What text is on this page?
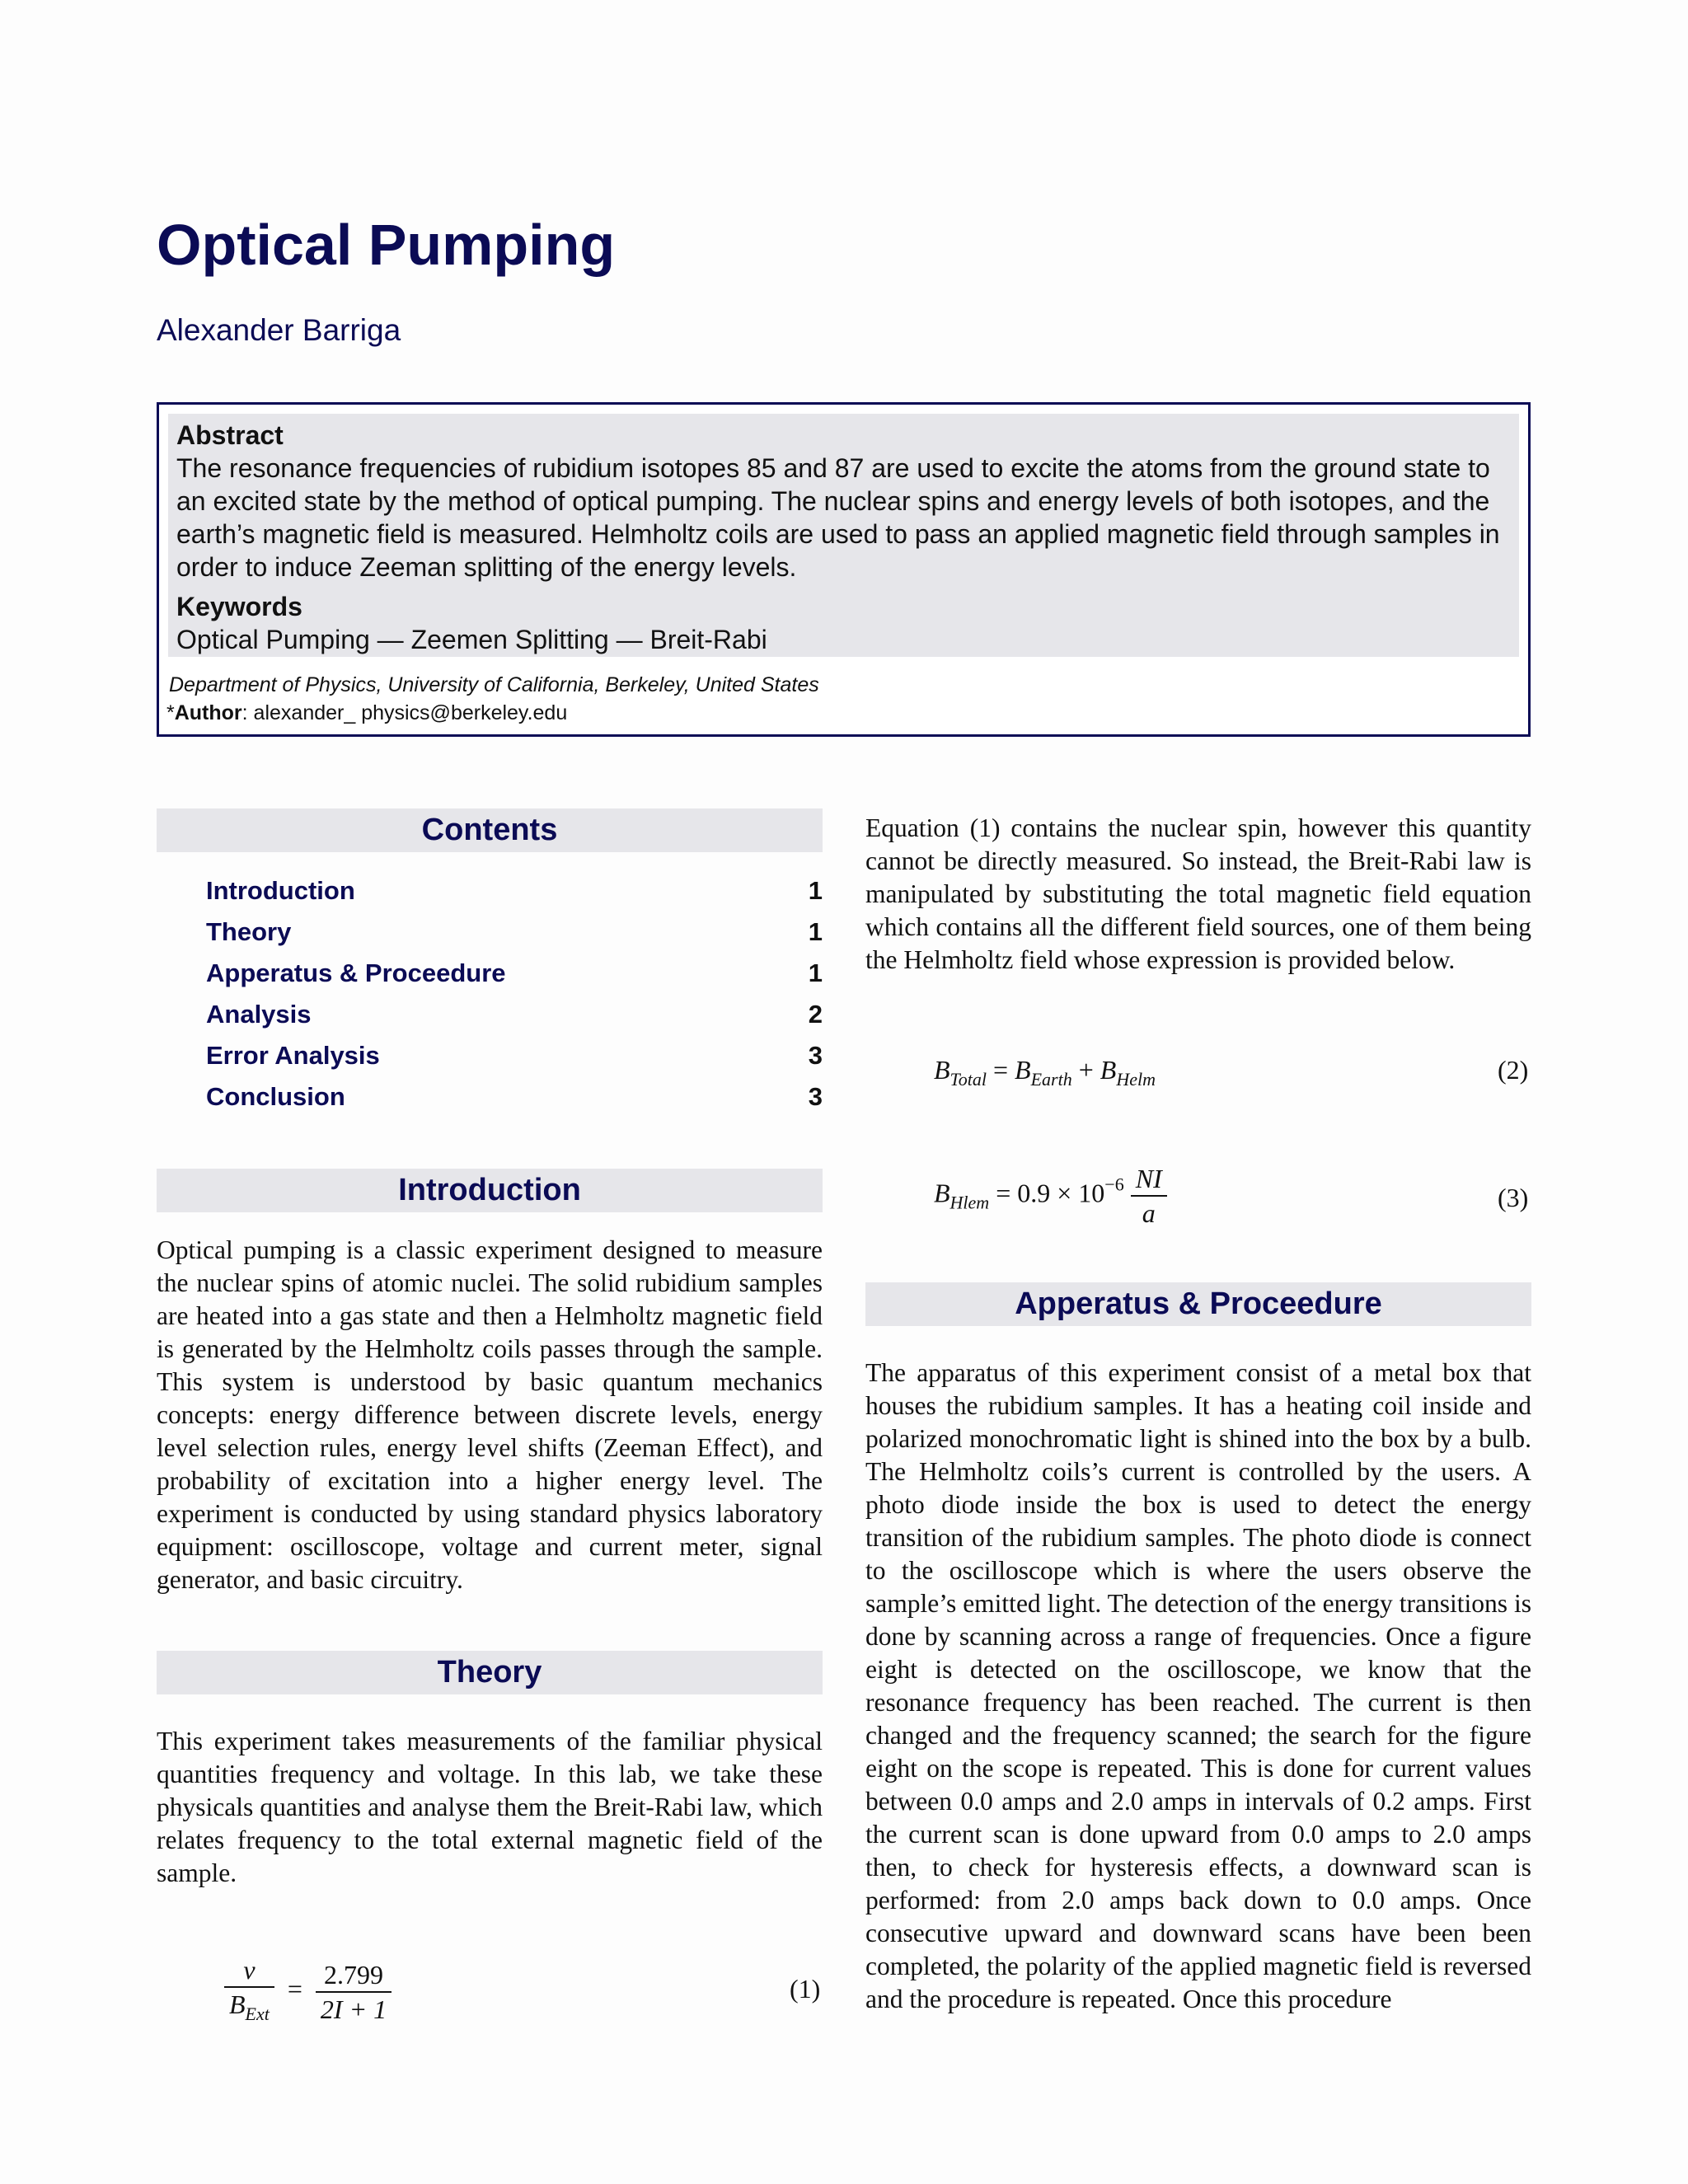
Optical Pumping
Alexander Barriga
Abstract
The resonance frequencies of rubidium isotopes 85 and 87 are used to excite the atoms from the ground state to an excited state by the method of optical pumping. The nuclear spins and energy levels of both isotopes, and the earth’s magnetic field is measured. Helmholtz coils are used to pass an applied magnetic field through samples in order to induce Zeeman splitting of the energy levels.
Keywords
Optical Pumping — Zeemen Splitting — Breit-Rabi
Department of Physics, University of California, Berkeley, United States
*Author: alexander_ physics@berkeley.edu
Contents
Introduction	1
Theory	1
Apperatus & Proceedure	1
Analysis	2
Error Analysis	3
Conclusion	3
Introduction

Optical pumping is a classic experiment designed to measure the nuclear spins of atomic nuclei. The solid rubidium samples are heated into a gas state and then a Helmholtz magnetic field is generated by the Helmholtz coils passes through the sample. This system is understood by basic quantum mechanics concepts: energy difference between discrete levels, energy level selection rules, energy level shifts (Zeeman Effect), and probability of excitation into a higher energy level. The experiment is conducted by using standard physics laboratory equipment: oscilloscope, voltage and current meter, signal generator, and basic circuitry.

Theory

This experiment takes measurements of the familiar physical quantities frequency and voltage. In this lab, we take these physicals quantities and analyse them the Breit-Rabi law, which relates frequency to the total external magnetic field of the sample.

$\frac{\nu}{B_{Ext}} = \frac{2.799}{2I + 1}$	(1)

Equation (1) contains the nuclear spin, however this quantity cannot be directly measured. So instead, the Breit-Rabi law is manipulated by substituting the total magnetic field equation which contains all the different field sources, one of them being the Helmholtz field whose expression is provided below.

$B_{Total} = B_{Earth} + B_{Helm}$	(2)
$B_{Hlem} = 0.9 \times 10^{-6} \frac{NI}{a}$	(3)
Apperatus & Proceedure

The apparatus of this experiment consist of a metal box that houses the rubidium samples. It has a heating coil inside and polarized monochromatic light is shined into the box by a bulb. The Helmholtz coils’s current is controlled by the users. A photo diode inside the box is used to detect the energy transition of the rubidium samples. The photo diode is connect to the oscilloscope which is where the users observe the sample’s emitted light. The detection of the energy transitions is done by scanning across a range of frequencies. Once a figure eight is detected on the oscilloscope, we know that the resonance frequency has been reached. The current is then changed and the frequency scanned; the search for the figure eight on the scope is repeated. This is done for current values between 0.0 amps and 2.0 amps in intervals of 0.2 amps. First the current scan is done upward from 0.0 amps to 2.0 amps then, to check for hysteresis effects, a downward scan is performed: from 2.0 amps back down to 0.0 amps. Once consecutive upward and downward scans have been been completed, the polarity of the applied magnetic field is reversed and the procedure is repeated. Once this procedure
